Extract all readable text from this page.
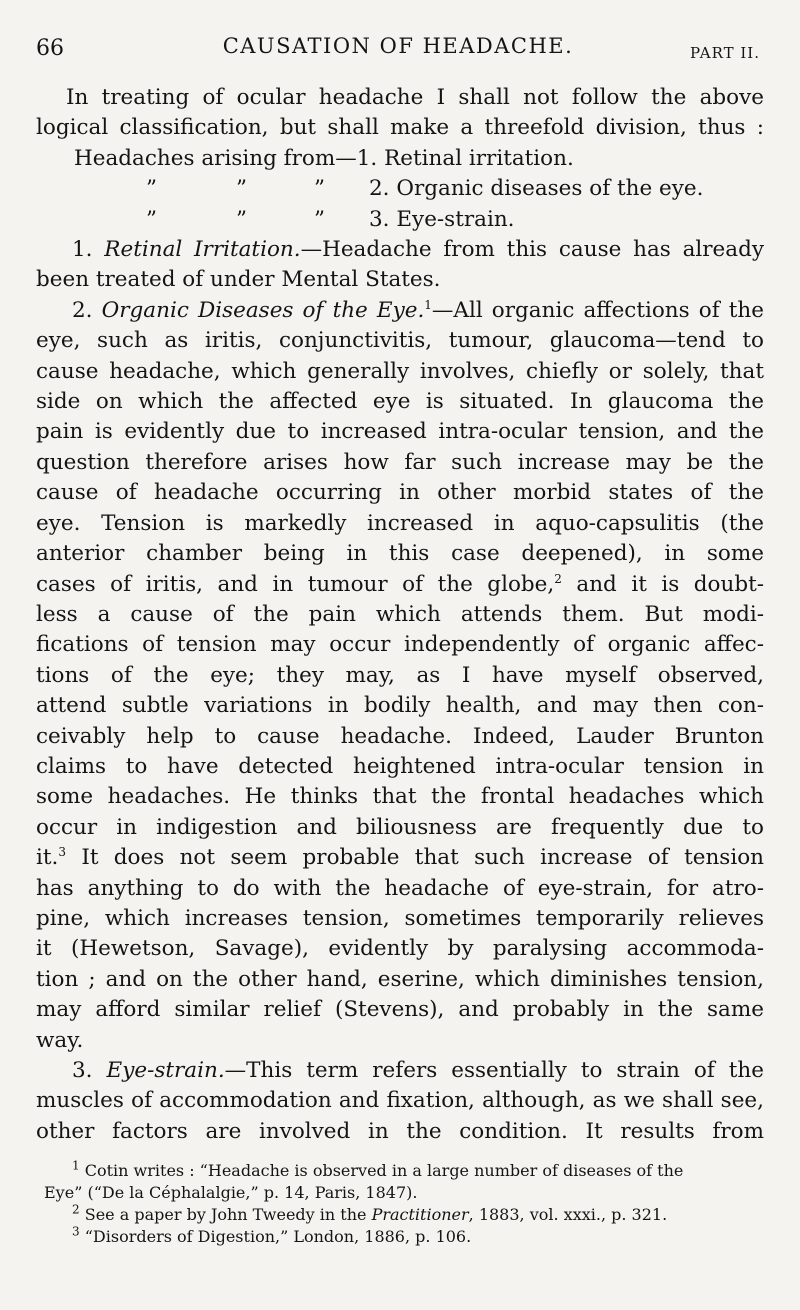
66	CAUSATION OF HEADACHE.	PART II.
In treating of ocular headache I shall not follow the above
logical classification, but shall make a threefold division, thus :
Headaches arising from—1. Retinal irritation.
”	”	” 2. Organic diseases of the eye.
”	”	” 3. Eye-strain.
1. Retinal Irritation.—Headache from this cause has already
been treated of under Mental States.
2. Organic Diseases of the Eye.$^1$—All organic affections of the
eye, such as iritis, conjunctivitis, tumour, glaucoma—tend to
cause headache, which generally involves, chiefly or solely, that
side on which the affected eye is situated. In glaucoma the
pain is evidently due to increased intra-ocular tension, and the
question therefore arises how far such increase may be the
cause of headache occurring in other morbid states of the
eye. Tension is markedly increased in aquo-capsulitis (the
anterior chamber being in this case deepened), in some
cases of iritis, and in tumour of the globe,$^2$ and it is doubt-
less a cause of the pain which attends them. But modi-
fications of tension may occur independently of organic affec-
tions of the eye; they may, as I have myself observed,
attend subtle variations in bodily health, and may then con-
ceivably help to cause headache. Indeed, Lauder Brunton
claims to have detected heightened intra-ocular tension in
some headaches. He thinks that the frontal headaches which
occur in indigestion and biliousness are frequently due to
it.$^3$ It does not seem probable that such increase of tension
has anything to do with the headache of eye-strain, for atro-
pine, which increases tension, sometimes temporarily relieves
it (Hewetson, Savage), evidently by paralysing accommoda-
tion ; and on the other hand, eserine, which diminishes tension,
may afford similar relief (Stevens), and probably in the same
way.
3. Eye-strain.—This term refers essentially to strain of the
muscles of accommodation and fixation, although, as we shall see,
other factors are involved in the condition. It results from
$^1$ Cotin writes : “Headache is observed in a large number of diseases of the
Eye” (“De la Céphalalgie,” p. 14, Paris, 1847).
$^2$ See a paper by John Tweedy in the Practitioner, 1883, vol. xxxi., p. 321.
$^3$ “Disorders of Digestion,” London, 1886, p. 106.
